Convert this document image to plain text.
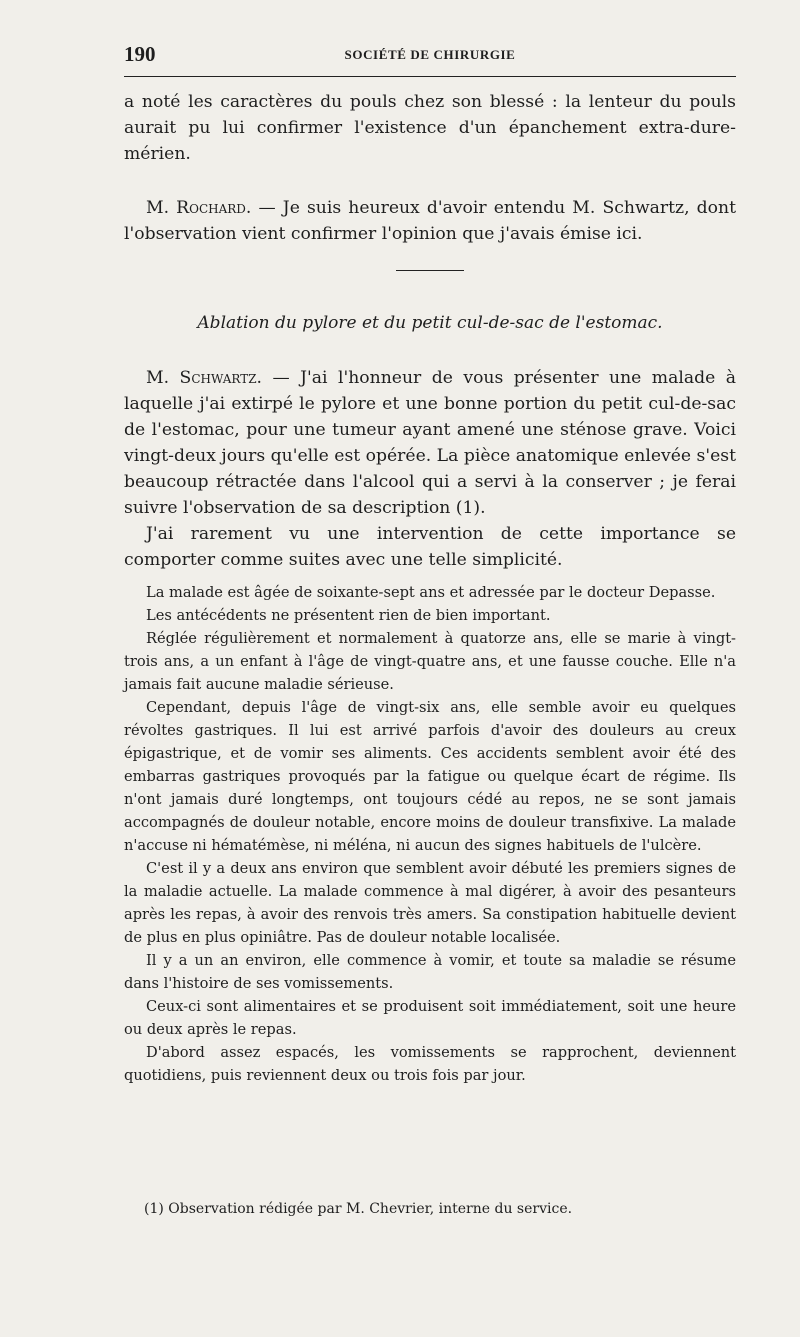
190	SOCIÉTÉ DE CHIRURGIE

a noté les caractères du pouls chez son blessé : la lenteur du pouls aurait pu lui confirmer l'existence d'un épanchement extra-dure-mérien.

M. Rochard. — Je suis heureux d'avoir entendu M. Schwartz, dont l'observation vient confirmer l'opinion que j'avais émise ici.

Ablation du pylore et du petit cul-de-sac de l'estomac.

M. Schwartz. — J'ai l'honneur de vous présenter une malade à laquelle j'ai extirpé le pylore et une bonne portion du petit cul-de-sac de l'estomac, pour une tumeur ayant amené une sténose grave. Voici vingt-deux jours qu'elle est opérée. La pièce anatomique enlevée s'est beaucoup rétractée dans l'alcool qui a servi à la conserver ; je ferai suivre l'observation de sa description (1).

J'ai rarement vu une intervention de cette importance se comporter comme suites avec une telle simplicité.

La malade est âgée de soixante-sept ans et adressée par le docteur Depasse.

Les antécédents ne présentent rien de bien important.

Réglée régulièrement et normalement à quatorze ans, elle se marie à vingt-trois ans, a un enfant à l'âge de vingt-quatre ans, et une fausse couche. Elle n'a jamais fait aucune maladie sérieuse.

Cependant, depuis l'âge de vingt-six ans, elle semble avoir eu quelques révoltes gastriques. Il lui est arrivé parfois d'avoir des douleurs au creux épigastrique, et de vomir ses aliments. Ces accidents semblent avoir été des embarras gastriques provoqués par la fatigue ou quelque écart de régime. Ils n'ont jamais duré longtemps, ont toujours cédé au repos, ne se sont jamais accompagnés de douleur notable, encore moins de douleur transfixive. La malade n'accuse ni hématémèse, ni méléna, ni aucun des signes habituels de l'ulcère.

C'est il y a deux ans environ que semblent avoir débuté les premiers signes de la maladie actuelle. La malade commence à mal digérer, à avoir des pesanteurs après les repas, à avoir des renvois très amers. Sa constipation habituelle devient de plus en plus opiniâtre. Pas de douleur notable localisée.

Il y a un an environ, elle commence à vomir, et toute sa maladie se résume dans l'histoire de ses vomissements.

Ceux-ci sont alimentaires et se produisent soit immédiatement, soit une heure ou deux après le repas.

D'abord assez espacés, les vomissements se rapprochent, deviennent quotidiens, puis reviennent deux ou trois fois par jour.

(1) Observation rédigée par M. Chevrier, interne du service.
